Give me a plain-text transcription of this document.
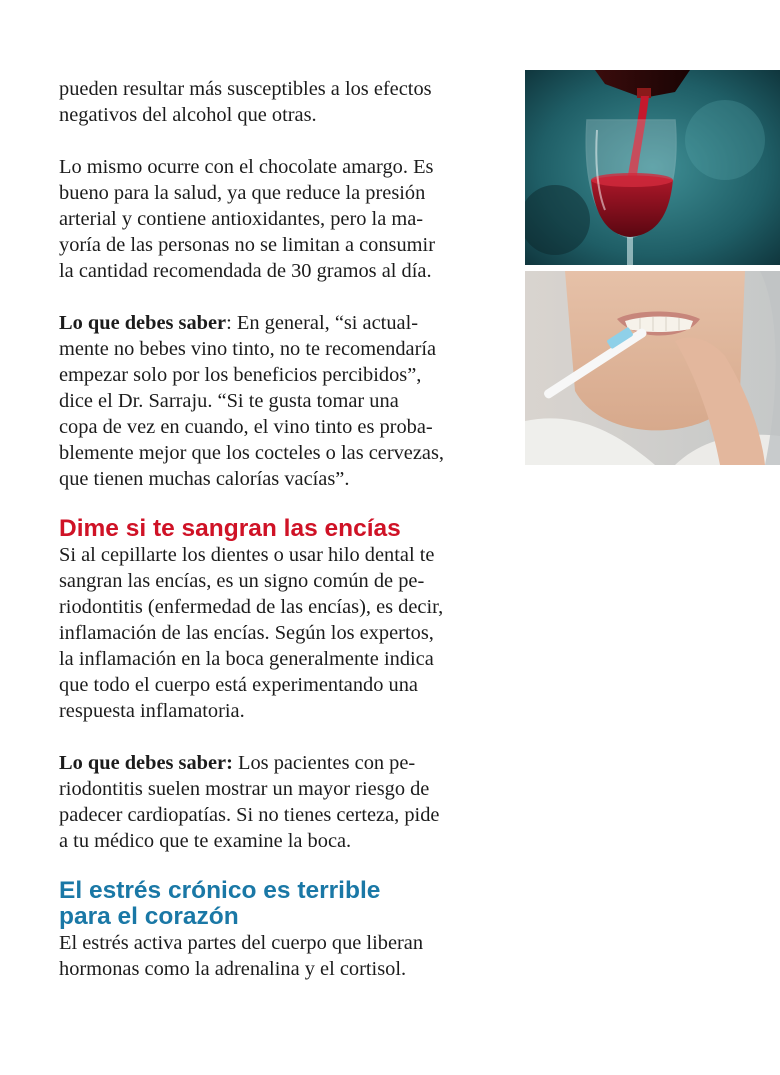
pueden resultar más susceptibles a los efectos
negativos del alcohol que otras.

Lo mismo ocurre con el chocolate amargo. Es
bueno para la salud, ya que reduce la presión
arterial y contiene antioxidantes, pero la ma-
yoría de las personas no se limitan a consumir
la cantidad recomendada de 30 gramos al día.

Lo que debes saber: En general, “si actual-
mente no bebes vino tinto, no te recomendaría
empezar solo por los beneficios percibidos”,
dice el Dr. Sarraju. “Si te gusta tomar una
copa de vez en cuando, el vino tinto es proba-
blemente mejor que los cocteles o las cervezas,
que tienen muchas calorías vacías”.

Dime si te sangran las encías

Si al cepillarte los dientes o usar hilo dental te
sangran las encías, es un signo común de pe-
riodontitis (enfermedad de las encías), es decir,
inflamación de las encías. Según los expertos,
la inflamación en la boca generalmente indica
que todo el cuerpo está experimentando una
respuesta inflamatoria.

Lo que debes saber: Los pacientes con pe-
riodontitis suelen mostrar un mayor riesgo de
padecer cardiopatías. Si no tienes certeza, pide
a tu médico que te examine la boca.

El estrés crónico es terrible
para el corazón

El estrés activa partes del cuerpo que liberan
hormonas como la adrenalina y el cortisol.
